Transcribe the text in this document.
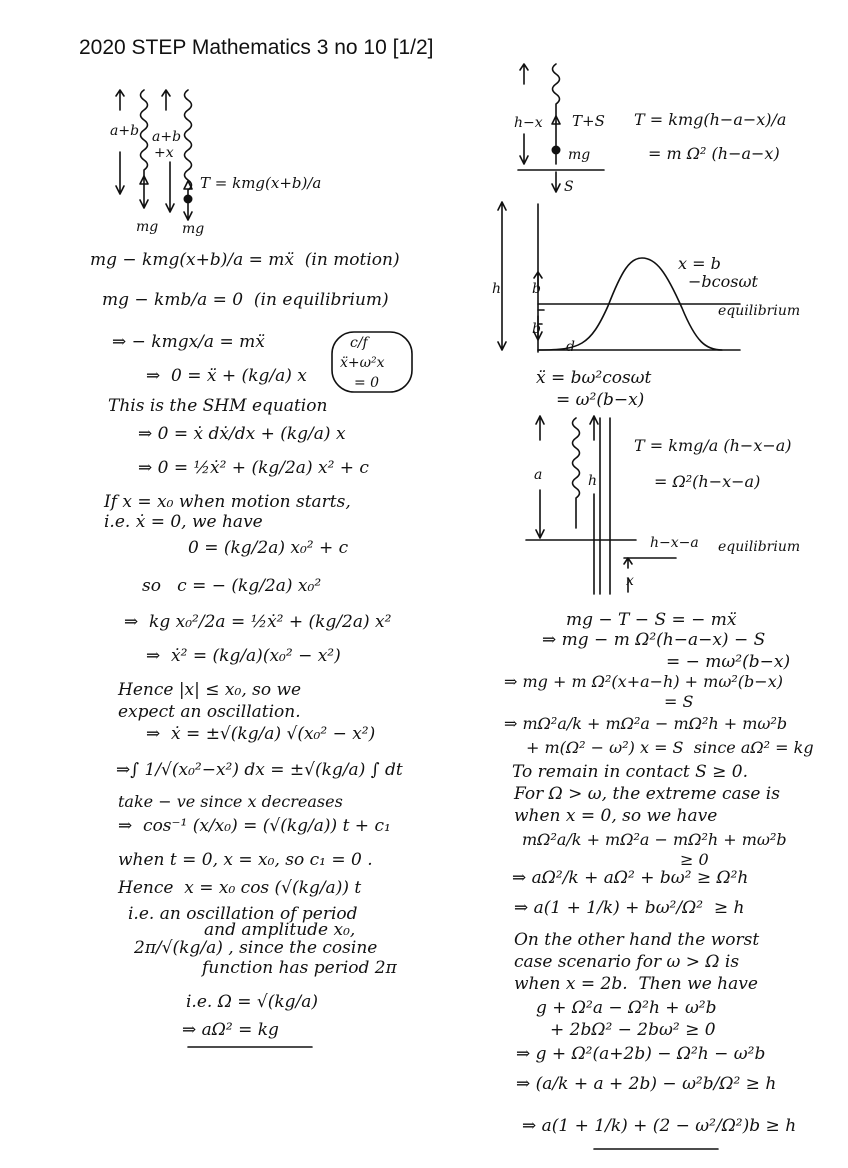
2020 STEP Mathematics 3 no 10 [1/2]
a+b a+b
+x
T = kmg(x+b)/a
mg mg
mg − kmg(x+b)/a = mẍ  (in motion)
mg − kmb/a = 0  (in equilibrium)
⇒ − kmgx/a = mẍ
⇒  0 = ẍ + (kg/a) x
c/f
ẍ+ω²x
= 0
This is the SHM equation
⇒ 0 = ẋ dẋ/dx + (kg/a) x
⇒ 0 = ½ẋ² + (kg/2a) x² + c
If x = x₀ when motion starts,
i.e. ẋ = 0, we have
0 = (kg/2a) x₀² + c
so   c = − (kg/2a) x₀²
⇒  kg x₀²/2a = ½ẋ² + (kg/2a) x²
⇒  ẋ² = (kg/a)(x₀² − x²)
Hence |x| ≤ x₀, so we
expect an oscillation.
⇒  ẋ = ±√(kg/a) √(x₀² − x²)
⇒∫ 1/√(x₀²−x²) dx = ±√(kg/a) ∫ dt
take − ve since x decreases
⇒  cos⁻¹ (x/x₀) = (√(kg/a)) t + c₁
when t = 0, x = x₀, so c₁ = 0 .
Hence  x = x₀ cos (√(kg/a)) t
i.e. an oscillation of period
and amplitude x₀,
2π/√(kg/a) , since the cosine
function has period 2π
i.e. Ω = √(kg/a)
⇒ aΩ² = kg
h−x T+S
mg
S
T = kmg(h−a−x)/a
= m Ω² (h−a−x)
h b
b
d
x = b
−bcosωt
equilibrium
ẍ = bω²cosωt
= ω²(b−x)
a	h
x
h−x−a equilibrium
T = kmg/a (h−x−a)
= Ω²(h−x−a)
mg − T − S = − mẍ
⇒ mg − m Ω²(h−a−x) − S
= − mω²(b−x)
⇒ mg + m Ω²(x+a−h) + mω²(b−x)
= S
⇒ mΩ²a/k + mΩ²a − mΩ²h + mω²b
+ m(Ω² − ω²) x = S  since aΩ² = kg
To remain in contact S ≥ 0.
For Ω > ω, the extreme case is
when x = 0, so we have
mΩ²a/k + mΩ²a − mΩ²h + mω²b
≥ 0
⇒ aΩ²/k + aΩ² + bω² ≥ Ω²h
⇒ a(1 + 1/k) + bω²/Ω²  ≥ h
On the other hand the worst
case scenario for ω > Ω is
when x = 2b.  Then we have
g + Ω²a − Ω²h + ω²b
+ 2bΩ² − 2bω² ≥ 0
⇒ g + Ω²(a+2b) − Ω²h − ω²b
⇒ (a/k + a + 2b) − ω²b/Ω² ≥ h
⇒ a(1 + 1/k) + (2 − ω²/Ω²)b ≥ h
